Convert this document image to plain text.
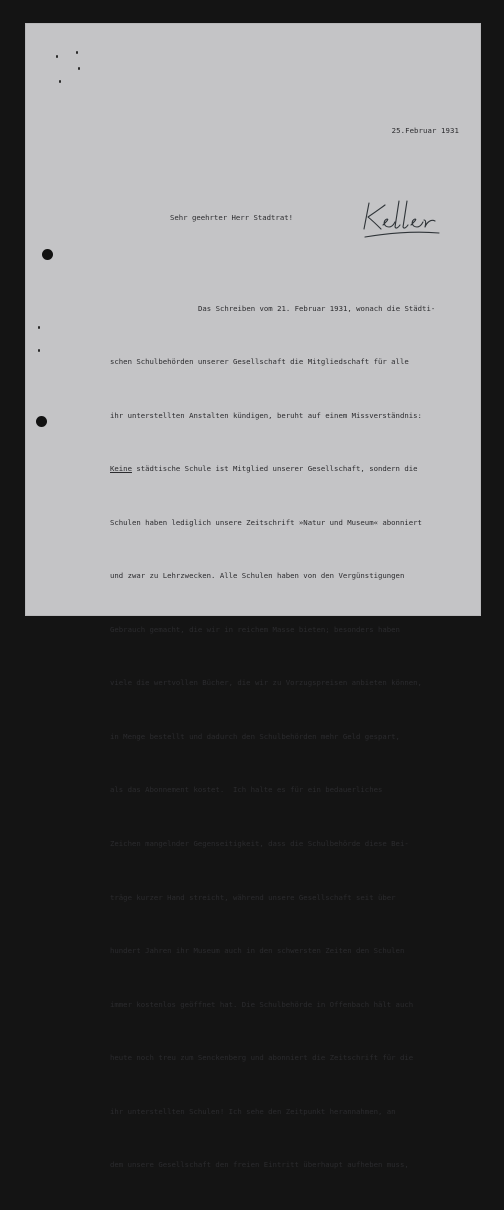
25.Februar 1931
Sehr geehrter Herr Stadtrat!

Das Schreiben vom 21. Februar 1931, wonach die Städti-

schen Schulbehörden unserer Gesellschaft die Mitgliedschaft für alle

ihr unterstellten Anstalten kündigen, beruht auf einem Missverständnis:

Keine städtische Schule ist Mitglied unserer Gesellschaft, sondern die

Schulen haben lediglich unsere Zeitschrift »Natur und Museum« abonniert

und zwar zu Lehrzwecken. Alle Schulen haben von den Vergünstigungen

Gebrauch gemacht, die wir in reichem Masse bieten; besonders haben

viele die wertvollen Bücher, die wir zu Vorzugspreisen anbieten können,

in Menge bestellt und dadurch den Schulbehörden mehr Geld gespart,

als das Abonnement kostet.  Ich halte es für ein bedauerliches

Zeichen mangelnder Gegenseitigkeit, dass die Schulbehörde diese Bei-

träge kurzer Hand streicht, während unsere Gesellschaft seit über

hundert Jahren ihr Museum auch in den schwersten Zeiten den Schulen

immer kostenlos geöffnet hat. Die Schulbehörde in Offenbach hält auch

heute noch treu zum Senckenberg und abonniert die Zeitschrift für die

ihr unterstellten Schulen! Ich sehe den Zeitpunkt herannahmen, an

dem unsere Gesellschaft den freien Eintritt überhaupt aufheben muss,
